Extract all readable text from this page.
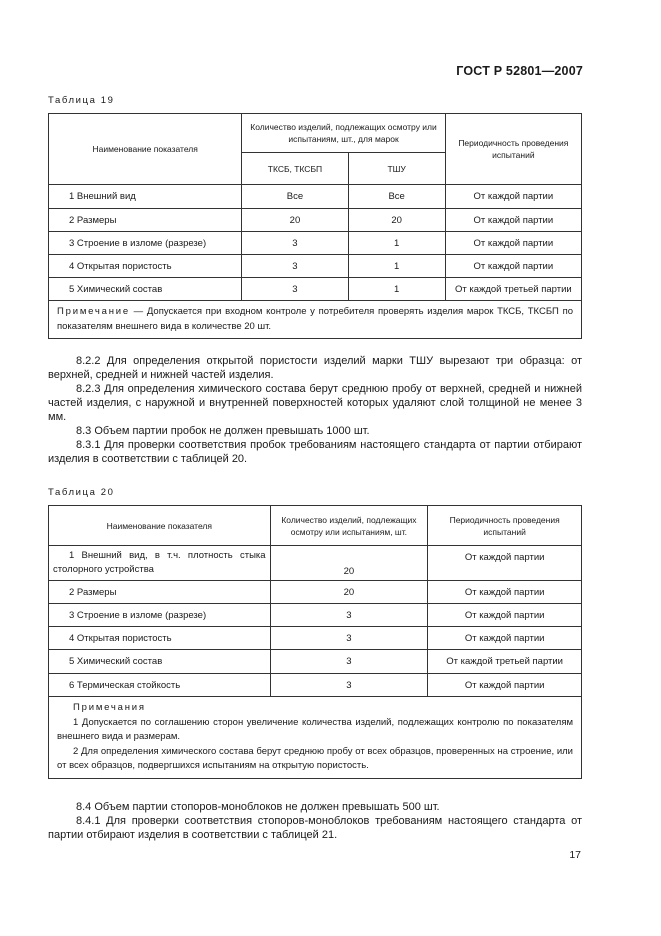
ГОСТ Р 52801—2007
Таблица 19
Наименование показателя	Количество изделий, подлежащих осмотру или испытаниям, шт., для марок		Периодичность проведения испытаний
	ТКСБ, ТКСБП	ТШУ	
1 Внешний вид	Все	Все	От каждой партии
2 Размеры	20	20	От каждой партии
3 Строение в изломе (разрезе)	3	1	От каждой партии
4 Открытая пористость	3	1	От каждой партии
5 Химический состав	3	1	От каждой третьей партии
Примечание — Допускается при входном контроле у потребителя проверять изделия марок ТКСБ, ТКСБП по показателям внешнего вида в количестве 20 шт.			

8.2.2 Для определения открытой пористости изделий марки ТШУ вырезают три образца: от верхней, средней и нижней частей изделия.

8.2.3 Для определения химического состава берут среднюю пробу от верхней, средней и нижней частей изделия, с наружной и внутренней поверхностей которых удаляют слой толщиной не менее 3 мм.

8.3 Объем партии пробок не должен превышать 1000 шт.

8.3.1 Для проверки соответствия пробок требованиям настоящего стандарта от партии отбирают изделия в соответствии с таблицей 20.

Таблица 20
Наименование показателя	Количество изделий, подлежащих осмотру или испытаниям, шт.	Периодичность проведения испытаний
1 Внешний вид, в т.ч. плотность стыка столорного устройства	20	От каждой партии
2 Размеры	20	От каждой партии
3 Строение в изломе (разрезе)	3	От каждой партии
4 Открытая пористость	3	От каждой партии
5 Химический состав	3	От каждой третьей партии
6 Термическая стойкость	3	От каждой партии

Примечания
1 Допускается по соглашению сторон увеличение количества изделий, подлежащих контролю по показателям внешнего вида и размерам.
2 Для определения химического состава берут среднюю пробу от всех образцов, проверенных на строение, или от всех образцов, подвергшихся испытаниям на открытую пористость.		

8.4 Объем партии стопоров-моноблоков не должен превышать 500 шт.

8.4.1 Для проверки соответствия стопоров-моноблоков требованиям настоящего стандарта от партии отбирают изделия в соответствии с таблицей 21.

17
